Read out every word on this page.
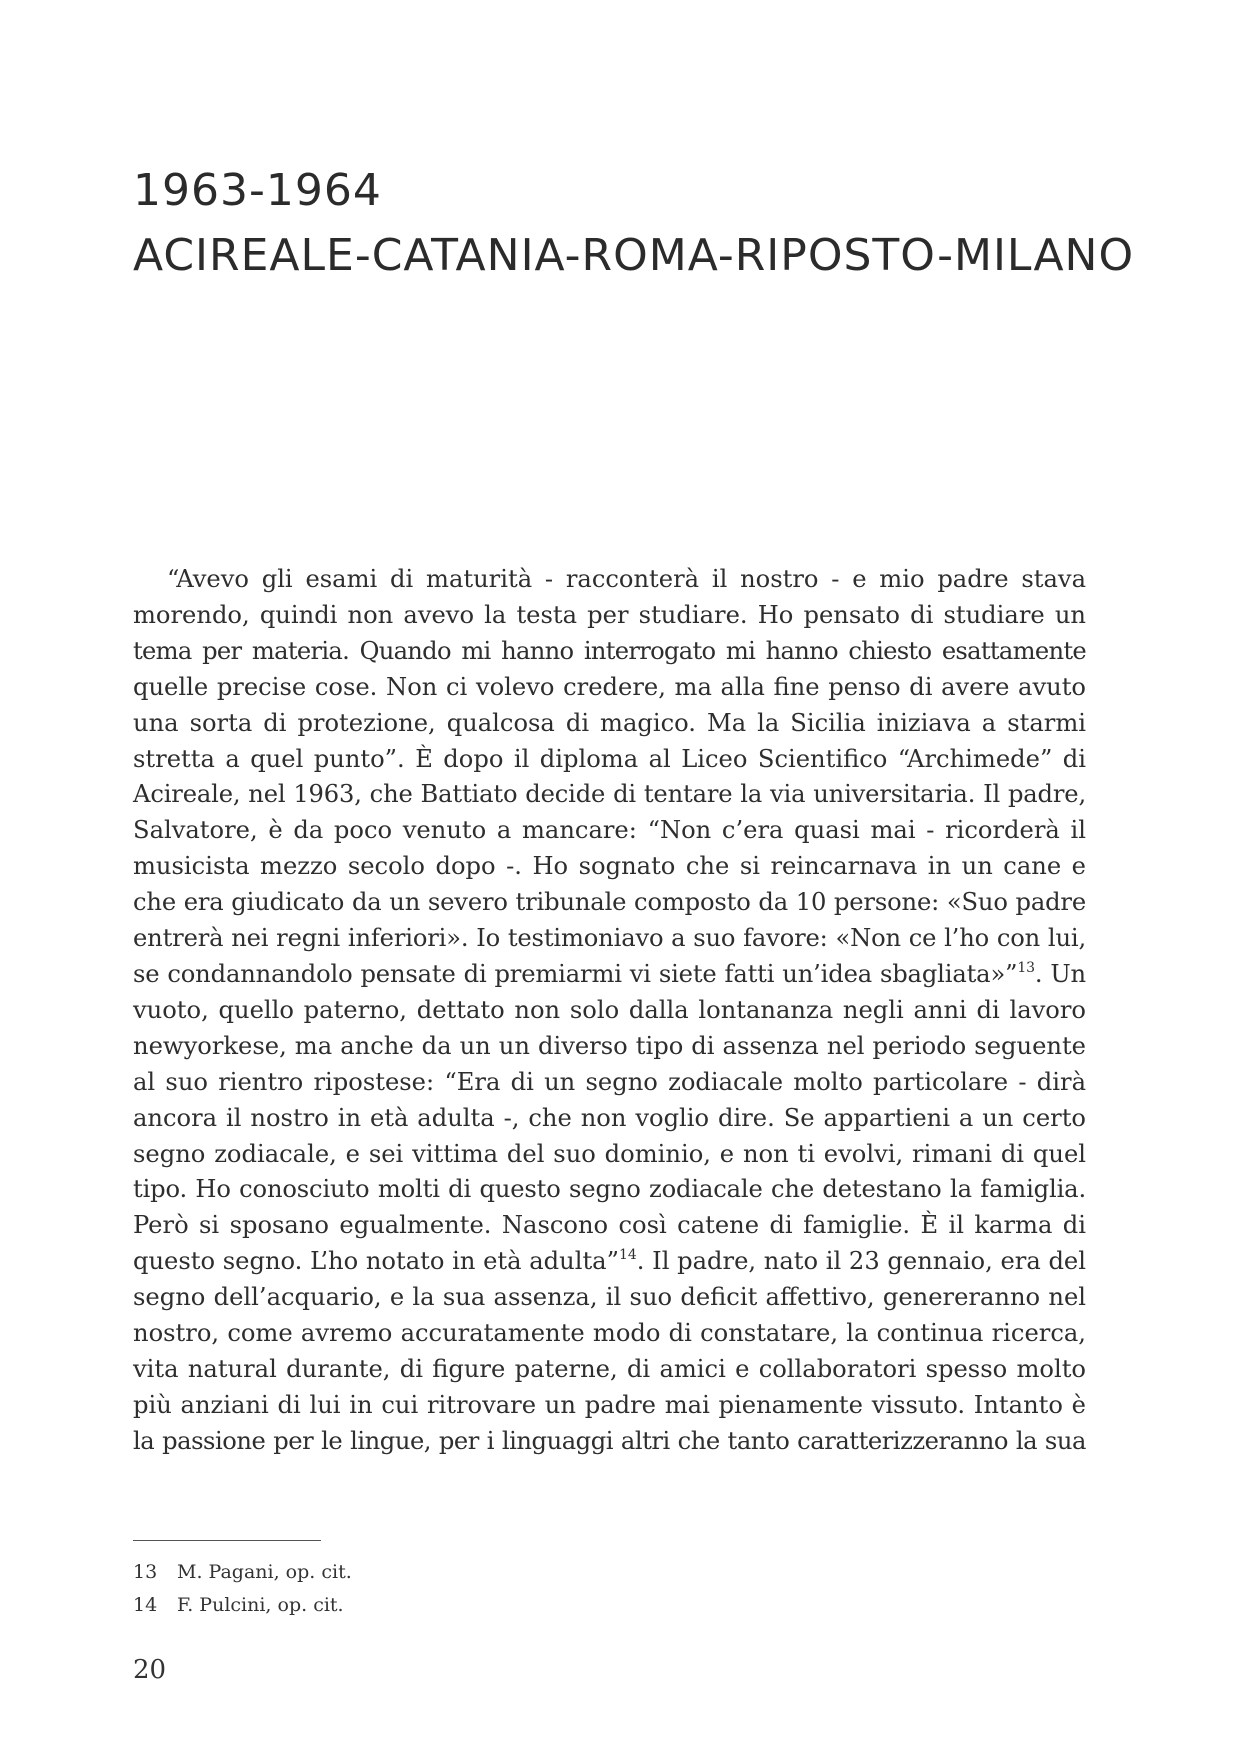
1963-1964
ACIREALE-CATANIA-ROMA-RIPOSTO-MILANO
“Avevo gli esami di maturità - racconterà il nostro - e mio padre stava
morendo, quindi non avevo la testa per studiare. Ho pensato di studiare un
tema per materia. Quando mi hanno interrogato mi hanno chiesto esattamente
quelle precise cose. Non ci volevo credere, ma alla fine penso di avere avuto
una sorta di protezione, qualcosa di magico. Ma la Sicilia iniziava a starmi
stretta a quel punto”. È dopo il diploma al Liceo Scientifico “Archimede” di
Acireale, nel 1963, che Battiato decide di tentare la via universitaria. Il padre,
Salvatore, è da poco venuto a mancare: “Non c’era quasi mai - ricorderà il
musicista mezzo secolo dopo -. Ho sognato che si reincarnava in un cane e
che era giudicato da un severo tribunale composto da 10 persone: «Suo padre
entrerà nei regni inferiori». Io testimoniavo a suo favore: «Non ce l’ho con lui,
se condannandolo pensate di premiarmi vi siete fatti un’idea sbagliata»”$^{13}$. Un
vuoto, quello paterno, dettato non solo dalla lontananza negli anni di lavoro
newyorkese, ma anche da un un diverso tipo di assenza nel periodo seguente
al suo rientro ripostese: “Era di un segno zodiacale molto particolare - dirà
ancora il nostro in età adulta -, che non voglio dire. Se appartieni a un certo
segno zodiacale, e sei vittima del suo dominio, e non ti evolvi, rimani di quel
tipo. Ho conosciuto molti di questo segno zodiacale che detestano la famiglia.
Però si sposano egualmente. Nascono così catene di famiglie. È il karma di
questo segno. L’ho notato in età adulta”$^{14}$. Il padre, nato il 23 gennaio, era del
segno dell’acquario, e la sua assenza, il suo deficit affettivo, genereranno nel
nostro, come avremo accuratamente modo di constatare, la continua ricerca,
vita natural durante, di figure paterne, di amici e collaboratori spesso molto
più anziani di lui in cui ritrovare un padre mai pienamente vissuto. Intanto è
la passione per le lingue, per i linguaggi altri che tanto caratterizzeranno la sua
13 M. Pagani, op. cit.
14 F. Pulcini, op. cit.
20
